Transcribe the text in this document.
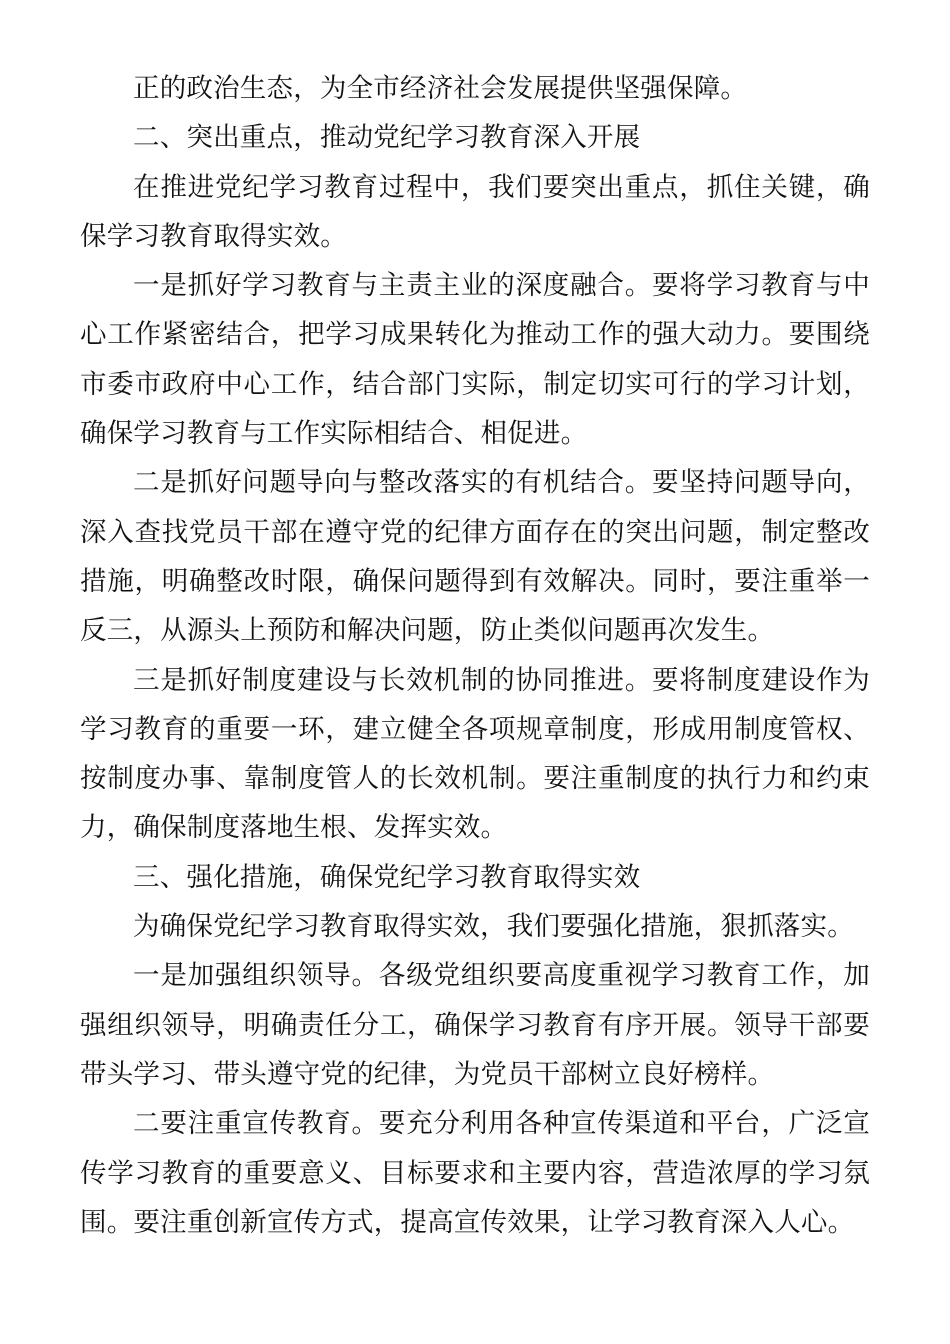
正的政治生态，为全市经济社会发展提供坚强保障。

二、突出重点，推动党纪学习教育深入开展

在推进党纪学习教育过程中，我们要突出重点，抓住关键，确保学习教育取得实效。

一是抓好学习教育与主责主业的深度融合。要将学习教育与中心工作紧密结合，把学习成果转化为推动工作的强大动力。要围绕市委市政府中心工作，结合部门实际，制定切实可行的学习计划，确保学习教育与工作实际相结合、相促进。

二是抓好问题导向与整改落实的有机结合。要坚持问题导向，深入查找党员干部在遵守党的纪律方面存在的突出问题，制定整改措施，明确整改时限，确保问题得到有效解决。同时，要注重举一反三，从源头上预防和解决问题，防止类似问题再次发生。

三是抓好制度建设与长效机制的协同推进。要将制度建设作为学习教育的重要一环，建立健全各项规章制度，形成用制度管权、按制度办事、靠制度管人的长效机制。要注重制度的执行力和约束力，确保制度落地生根、发挥实效。

三、强化措施，确保党纪学习教育取得实效

为确保党纪学习教育取得实效，我们要强化措施，狠抓落实。

一是加强组织领导。各级党组织要高度重视学习教育工作，加强组织领导，明确责任分工，确保学习教育有序开展。领导干部要带头学习、带头遵守党的纪律，为党员干部树立良好榜样。

二要注重宣传教育。要充分利用各种宣传渠道和平台，广泛宣传学习教育的重要意义、目标要求和主要内容，营造浓厚的学习氛围。要注重创新宣传方式，提高宣传效果，让学习教育深入人心。
